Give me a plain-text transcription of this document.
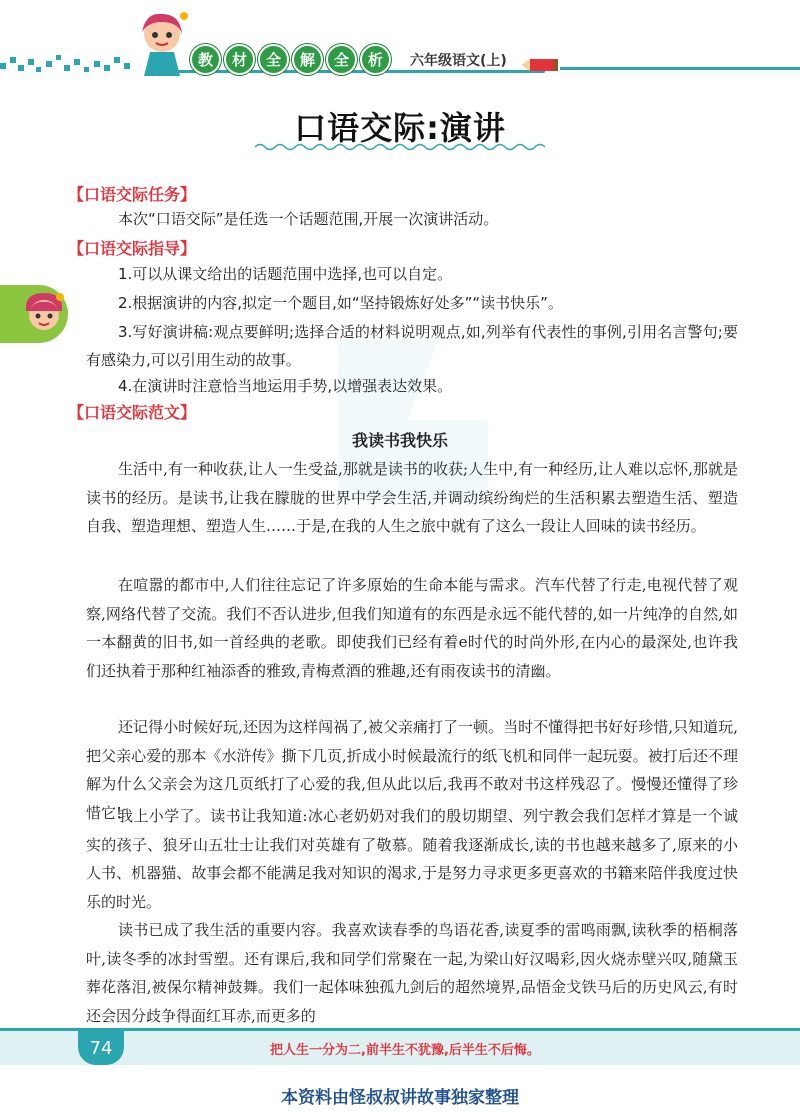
教	材	全	解	全	析	六年级语文(上)
口语交际:演讲
【口语交际任务】
本次“口语交际”是任选一个话题范围,开展一次演讲活动。
【口语交际指导】
1.可以从课文给出的话题范围中选择,也可以自定。
2.根据演讲的内容,拟定一个题目,如“坚持锻炼好处多”“读书快乐”。
3.写好演讲稿:观点要鲜明;选择合适的材料说明观点,如,列举有代表性的事例,引用名言警句;要有感染力,可以引用生动的故事。
4.在演讲时注意恰当地运用手势,以增强表达效果。
【口语交际范文】
我读书我快乐
生活中,有一种收获,让人一生受益,那就是读书的收获;人生中,有一种经历,让人难以忘怀,那就是读书的经历。是读书,让我在朦胧的世界中学会生活,并调动缤纷绚烂的生活积累去塑造生活、塑造自我、塑造理想、塑造人生……于是,在我的人生之旅中就有了这么一段让人回味的读书经历。
在喧嚣的都市中,人们往往忘记了许多原始的生命本能与需求。汽车代替了行走,电视代替了观察,网络代替了交流。我们不否认进步,但我们知道有的东西是永远不能代替的,如一片纯净的自然,如一本翻黄的旧书,如一首经典的老歌。即使我们已经有着e时代的时尚外形,在内心的最深处,也许我们还执着于那种红袖添香的雅致,青梅煮酒的雅趣,还有雨夜读书的清幽。
还记得小时候好玩,还因为这样闯祸了,被父亲痛打了一顿。当时不懂得把书好好珍惜,只知道玩,把父亲心爱的那本《水浒传》撕下几页,折成小时候最流行的纸飞机和同伴一起玩耍。被打后还不理解为什么父亲会为这几页纸打了心爱的我,但从此以后,我再不敢对书这样残忍了。慢慢还懂得了珍惜它!
我上小学了。读书让我知道:冰心老奶奶对我们的殷切期望、列宁教会我们怎样才算是一个诚实的孩子、狼牙山五壮士让我们对英雄有了敬慕。随着我逐渐成长,读的书也越来越多了,原来的小人书、机器猫、故事会都不能满足我对知识的渴求,于是努力寻求更多更喜欢的书籍来陪伴我度过快乐的时光。
读书已成了我生活的重要内容。我喜欢读春季的鸟语花香,读夏季的雷鸣雨飘,读秋季的梧桐落叶,读冬季的冰封雪塑。还有课后,我和同学们常聚在一起,为梁山好汉喝彩,因火烧赤壁兴叹,随黛玉葬花落泪,被保尔精神鼓舞。我们一起体味独孤九剑后的超然境界,品悟金戈铁马后的历史风云,有时还会因分歧争得面红耳赤,而更多的
74	把人生一分为二,前半生不犹豫,后半生不后悔。
本资料由怪叔叔讲故事独家整理
